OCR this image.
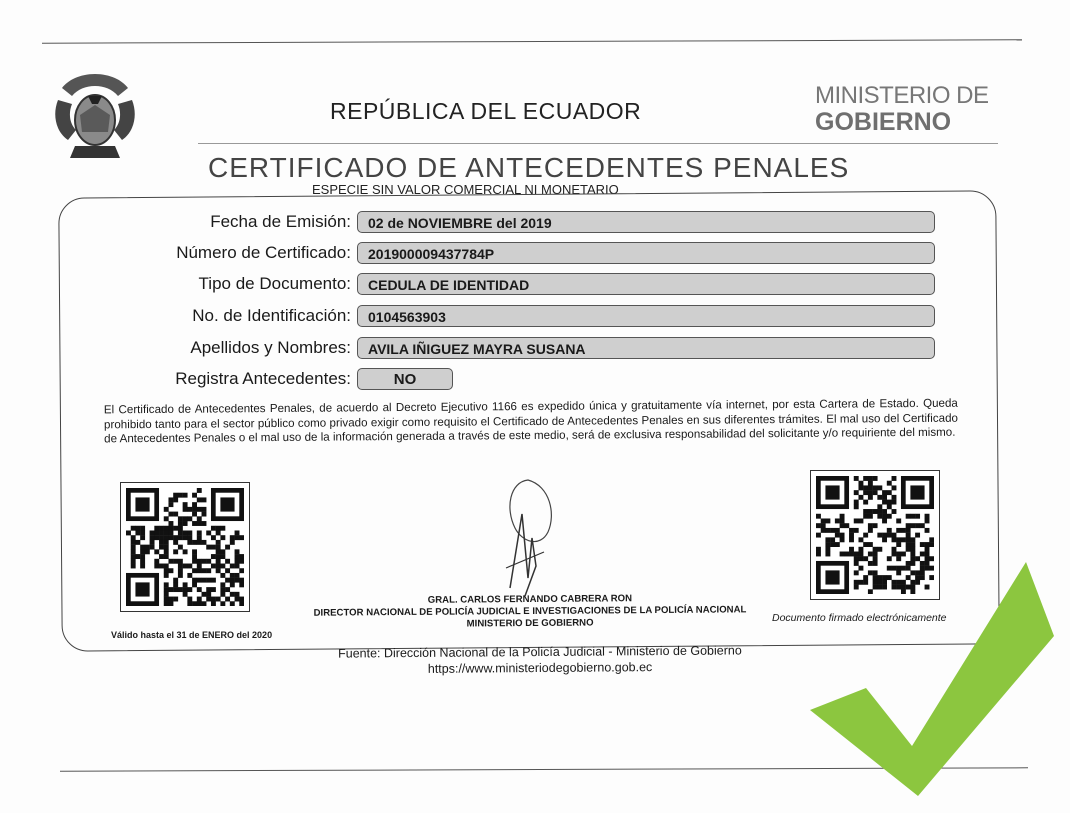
REPÚBLICA DEL ECUADOR
MINISTERIO DE
GOBIERNO
CERTIFICADO DE ANTECEDENTES PENALES
ESPECIE SIN VALOR COMERCIAL NI MONETARIO
Fecha de Emisión:	02 de NOVIEMBRE del 2019
Número de Certificado:	201900009437784P
Tipo de Documento:	CEDULA DE IDENTIDAD
No. de Identificación:	0104563903
Apellidos y Nombres:	AVILA IÑIGUEZ MAYRA SUSANA
Registra Antecedentes:	NO
El Certificado de Antecedentes Penales, de acuerdo al Decreto Ejecutivo 1166 es expedido única y gratuitamente vía internet, por esta Cartera de Estado. Queda prohibido tanto para el sector público como privado exigir como requisito el Certificado de Antecedentes Penales en sus diferentes trámites. El mal uso del Certificado de Antecedentes Penales o el mal uso de la información generada a través de este medio, será de exclusiva responsabilidad del solicitante y/o requiriente del mismo.
GRAL. CARLOS FERNANDO CABRERA RON
DIRECTOR NACIONAL DE POLICÍA JUDICIAL E INVESTIGACIONES DE LA POLICÍA NACIONAL
MINISTERIO DE GOBIERNO
Válido hasta el 31 de ENERO del 2020
Documento firmado electrónicamente
Fuente: Dirección Nacional de la Policía Judicial - Ministerio de Gobierno
https://www.ministeriodegobierno.gob.ec
